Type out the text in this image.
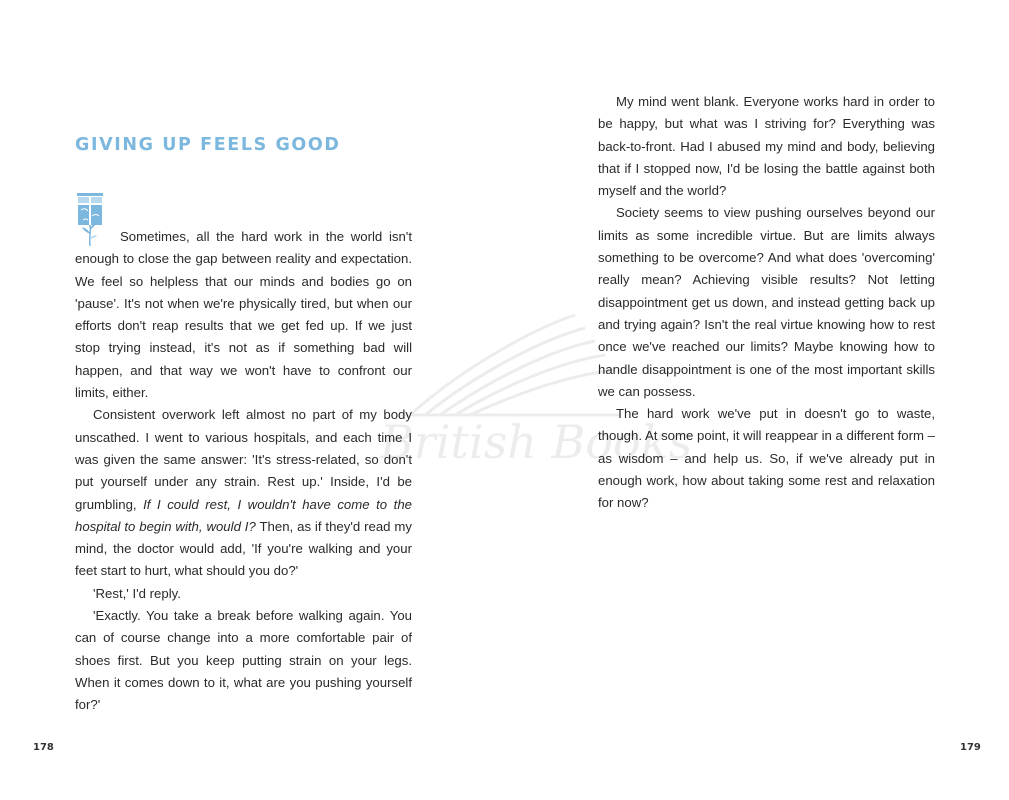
GIVING UP FEELS GOOD

Sometimes, all the hard work in the world isn't enough to close the gap between reality and expectation. We feel so helpless that our minds and bodies go on 'pause'. It's not when we're physically tired, but when our efforts don't reap results that we get fed up. If we just stop trying instead, it's not as if something bad will happen, and that way we won't have to confront our limits, either.

Consistent overwork left almost no part of my body unscathed. I went to various hospitals, and each time I was given the same answer: 'It's stress-related, so don't put yourself under any strain. Rest up.' Inside, I'd be grumbling, If I could rest, I wouldn't have come to the hospital to begin with, would I? Then, as if they'd read my mind, the doctor would add, 'If you're walking and your feet start to hurt, what should you do?'

'Rest,' I'd reply.

'Exactly. You take a break before walking again. You can of course change into a more comfortable pair of shoes first. But you keep putting strain on your legs. When it comes down to it, what are you pushing yourself for?'

178

My mind went blank. Everyone works hard in order to be happy, but what was I striving for? Everything was back-to-front. Had I abused my mind and body, believing that if I stopped now, I'd be losing the battle against both myself and the world?

Society seems to view pushing ourselves beyond our limits as some incredible virtue. But are limits always something to be overcome? And what does 'overcoming' really mean? Achieving visible results? Not letting disappointment get us down, and instead getting back up and trying again? Isn't the real virtue knowing how to rest once we've reached our limits? Maybe knowing how to handle disappointment is one of the most important skills we can possess.

The hard work we've put in doesn't go to waste, though. At some point, it will reappear in a different form – as wisdom – and help us. So, if we've already put in enough work, how about taking some rest and relaxation for now?

179
British Books
